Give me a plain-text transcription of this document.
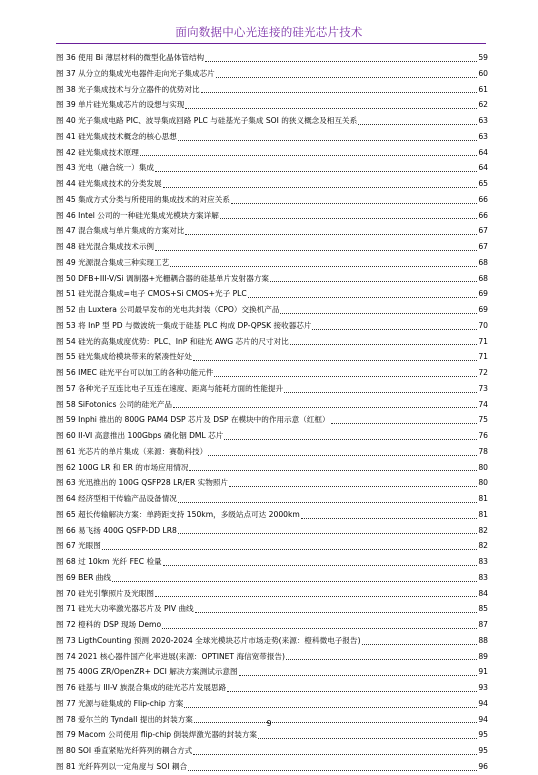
面向数据中心光连接的硅光芯片技术
图 36 使用 Bi 薄层材料的微型化晶体管结构	59
图 37 从分立的集成光电器件走向光子集成芯片	60
图 38 光子集成技术与分立器件的优势对比	61
图 39 单片硅光集成芯片的设想与实现	62
图 40 光子集成电路 PIC、波导集成回路 PLC 与硅基光子集成 SOI 的狭义概念及相互关系	63
图 41 硅光集成技术概念的核心思想	63
图 42 硅光集成技术原理	64
图 43 光电（融合统一）集成	64
图 44 硅光集成技术的分类发展	65
图 45 集成方式分类与所使用的集成技术的对应关系	66
图 46 Intel 公司的一种硅光集成光模块方案详解	66
图 47 混合集成与单片集成的方案对比	67
图 48 硅光混合集成技术示例	67
图 49 光源混合集成三种实现工艺	68
图 50 DFB+III-V/Si 调制器+光栅耦合器的硅基单片发射器方案	68
图 51 硅光混合集成=电子 CMOS+Si CMOS+光子 PLC	69
图 52 由 Luxtera 公司最早发布的光电共封装（CPO）交换机产品	69
图 53 将 InP 型 PD 与微波统一集成于硅基 PLC 构成 DP-QPSK 接收器芯片	70
图 54 硅光的高集成度优势：PLC、InP 和硅光 AWG 芯片的尺寸对比	71
图 55 硅光集成给模块带来的紧凑性好处	71
图 56 IMEC 硅光平台可以加工的各种功能元件	72
图 57 各种光子互连比电子互连在速度、距离与能耗方面的性能提升	73
图 58 SiFotonics 公司的硅光产品	74
图 59 Inphi 推出的 800G PAM4 DSP 芯片及 DSP 在模块中的作用示意（红框）	75
图 60 II-VI 高意推出 100Gbps 磷化铟 DML 芯片	76
图 61 光芯片的单片集成（来源：赛勒科技）	78
图 62 100G LR 和 ER 的市场应用情况	80
图 63 光迅推出的 100G QSFP28 LR/ER 实物照片	80
图 64 经济型相干传输产品设备情况	81
图 65 超长传输解决方案：单跨距支持 150km，多级站点可达 2000km	81
图 66 易飞扬 400G QSFP-DD LR8	82
图 67 光眼图	82
图 68 过 10km 光纤 FEC 检量	83
图 69 BER 曲线	83
图 70 硅光引擎照片及光眼图	84
图 71 硅光大功率激光器芯片及 PIV 曲线	85
图 72 橙科的 DSP 现场 Demo	87
图 73 LigthCounting 预测 2020-2024 全球光模块芯片市场走势(来源：橙科微电子报告)	88
图 74 2021 核心器件国产化率进展(来源：OPTINET 海信宽带报告)	89
图 75 400G ZR/OpenZR+ DCI 解决方案测试示意图	91
图 76 硅基与 III-V 族混合集成的硅光芯片发展思路	93
图 77 光源与硅集成的 Flip-chip 方案	94
图 78 爱尔兰的 Tyndall 提出的封装方案	94
图 79 Macom 公司使用 flip-chip 倒装焊激光器的封装方案	95
图 80 SOI 垂直紧贴光纤阵列的耦合方式	95
图 81 光纤阵列以一定角度与 SOI 耦合	96
9
